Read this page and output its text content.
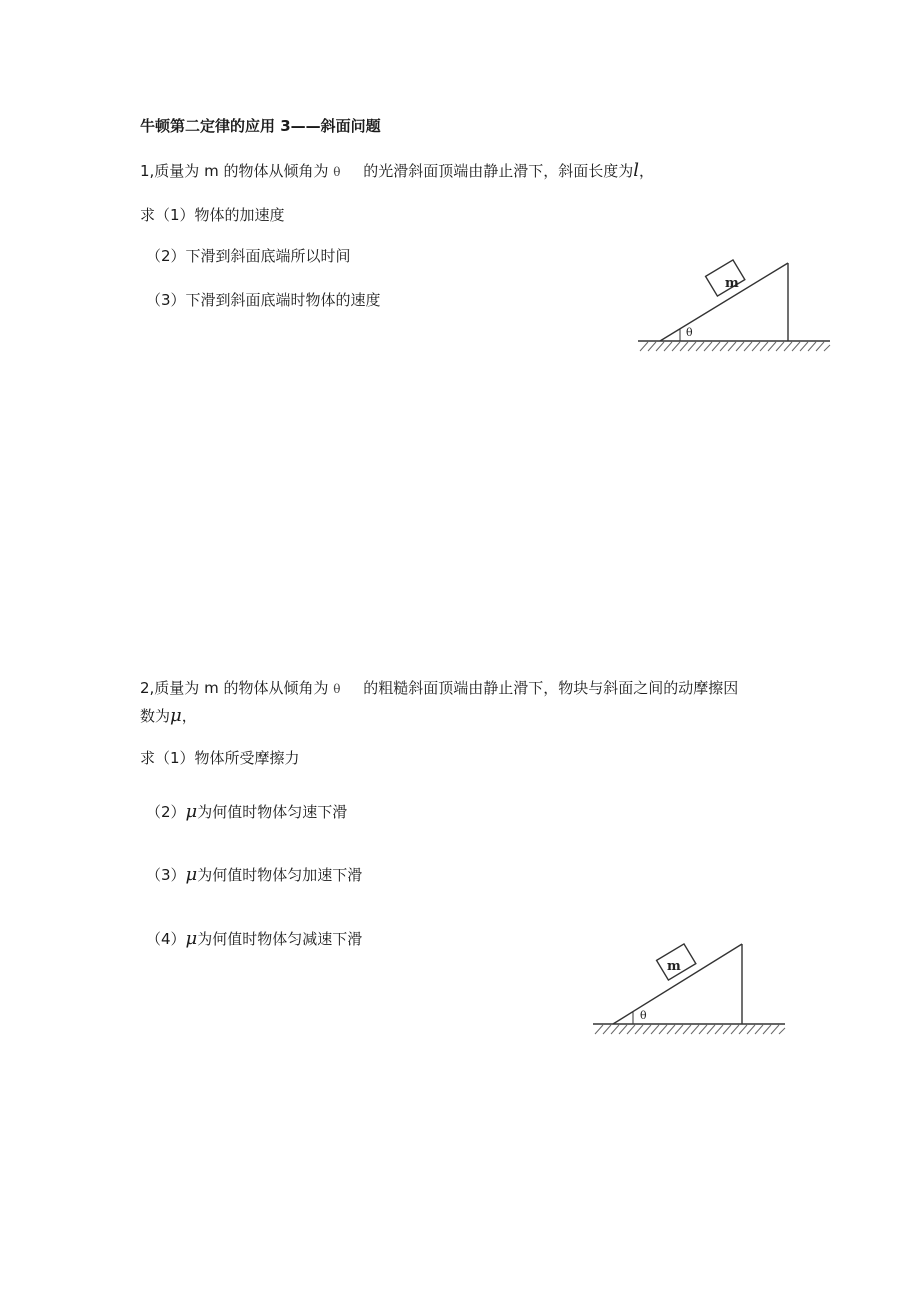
牛顿第二定律的应用 3——斜面问题
1,质量为 m 的物体从倾角为 θ 的光滑斜面顶端由静止滑下，斜面长度为l，
求（1）物体的加速度
（2）下滑到斜面底端所以时间
（3）下滑到斜面底端时物体的速度
m
θ
2,质量为 m 的物体从倾角为 θ 的粗糙斜面顶端由静止滑下，物块与斜面之间的动摩擦因
数为μ，
求（1）物体所受摩擦力
（2）μ为何值时物体匀速下滑
（3）μ为何值时物体匀加速下滑
（4）μ为何值时物体匀减速下滑
m
θ
